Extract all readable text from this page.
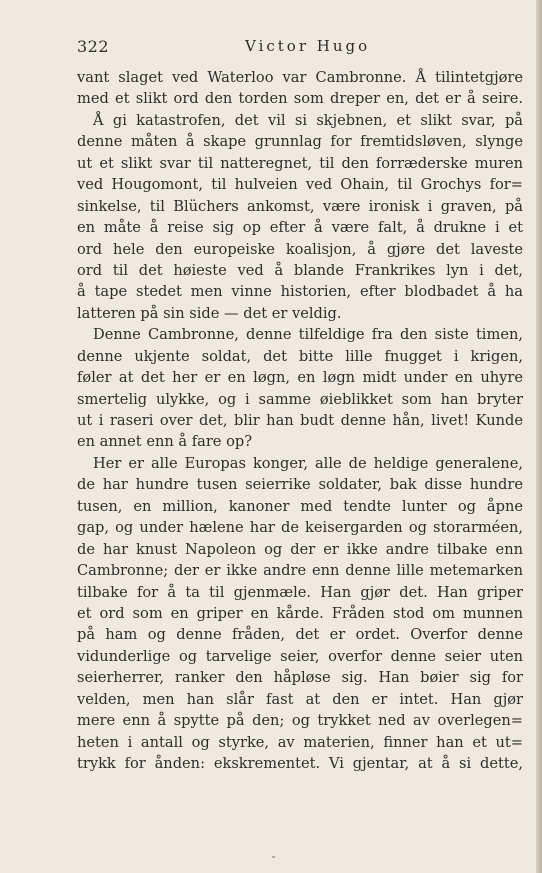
322	Victor Hugo
vant slaget ved Waterloo var Cambronne. Å tilintetgjøre
med et slikt ord den torden som dreper en, det er å seire.
Å gi katastrofen, det vil si skjebnen, et slikt svar, på
denne måten å skape grunnlag for fremtidsløven, slynge
ut et slikt svar til natteregnet, til den forræderske muren
ved Hougomont, til hulveien ved Ohain, til Grochys for=
sinkelse, til Blüchers ankomst, være ironisk i graven, på
en måte å reise sig op efter å være falt, å drukne i et
ord hele den europeiske koalisjon, å gjøre det laveste
ord til det høieste ved å blande Frankrikes lyn i det,
å tape stedet men vinne historien, efter blodbadet å ha
latteren på sin side — det er veldig.
Denne Cambronne, denne tilfeldige fra den siste timen,
denne ukjente soldat, det bitte lille fnugget i krigen,
føler at det her er en løgn, en løgn midt under en uhyre
smertelig ulykke, og i samme øieblikket som han bryter
ut i raseri over det, blir han budt denne hån, livet! Kunde
en annet enn å fare op?
Her er alle Europas konger, alle de heldige generalene,
de har hundre tusen seierrike soldater, bak disse hundre
tusen, en million, kanoner med tendte lunter og åpne
gap, og under hælene har de keisergarden og storarméen,
de har knust Napoleon og der er ikke andre tilbake enn
Cambronne; der er ikke andre enn denne lille metemarken
tilbake for å ta til gjenmæle. Han gjør det. Han griper
et ord som en griper en kårde. Fråden stod om munnen
på ham og denne fråden, det er ordet. Overfor denne
vidunderlige og tarvelige seier, overfor denne seier uten
seierherrer, ranker den håpløse sig. Han bøier sig for
velden, men han slår fast at den er intet. Han gjør
mere enn å spytte på den; og trykket ned av overlegen=
heten i antall og styrke, av materien, finner han et ut=
trykk for ånden: ekskrementet. Vi gjentar, at å si dette,
